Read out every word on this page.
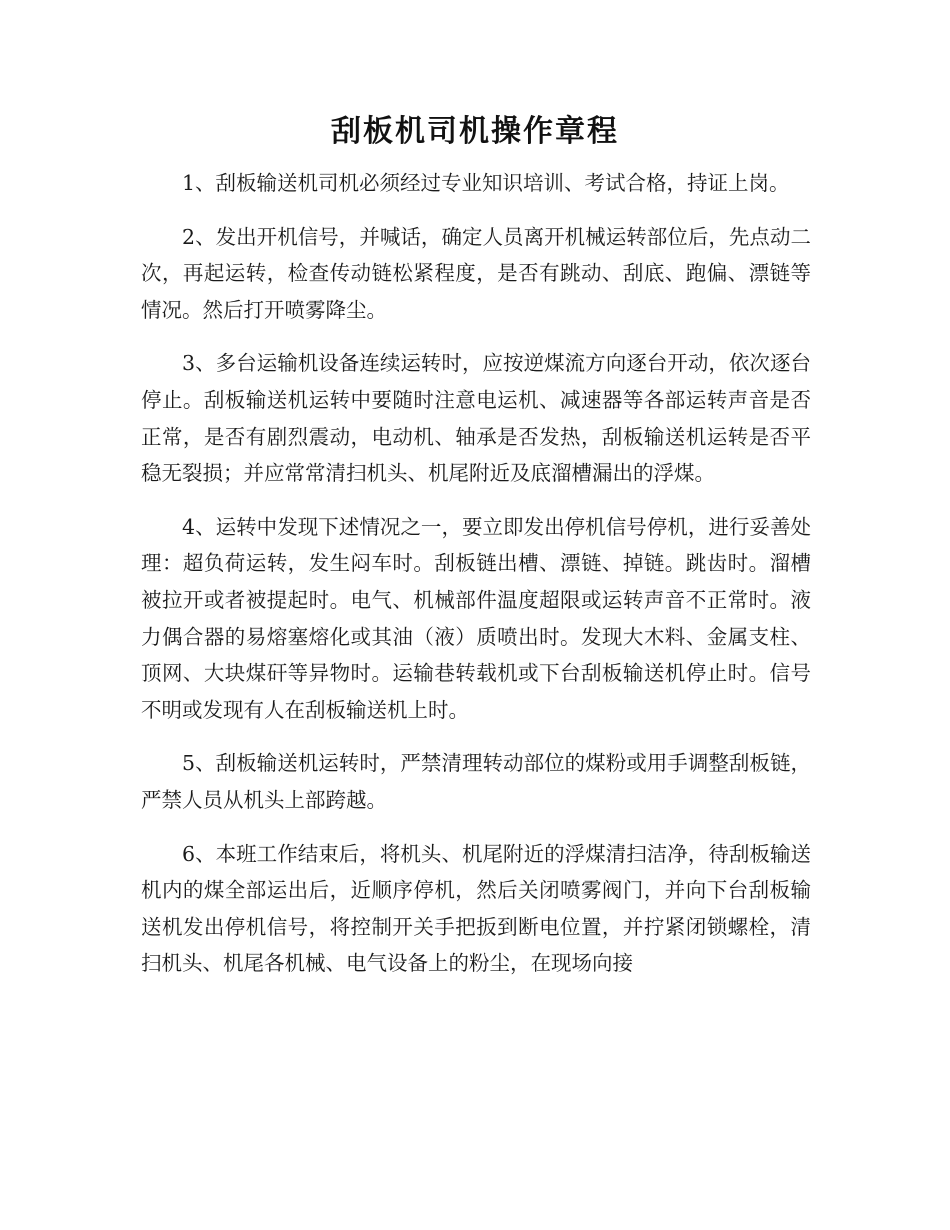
刮板机司机操作章程

1、刮板输送机司机必须经过专业知识培训、考试合格，持证上岗。

2、发出开机信号，并喊话，确定人员离开机械运转部位后，先点动二次，再起运转，检查传动链松紧程度，是否有跳动、刮底、跑偏、漂链等情况。然后打开喷雾降尘。

3、多台运输机设备连续运转时，应按逆煤流方向逐台开动，依次逐台停止。刮板输送机运转中要随时注意电运机、减速器等各部运转声音是否正常，是否有剧烈震动，电动机、轴承是否发热，刮板输送机运转是否平稳无裂损；并应常常清扫机头、机尾附近及底溜槽漏出的浮煤。

4、运转中发现下述情况之一，要立即发出停机信号停机，进行妥善处理：超负荷运转，发生闷车时。刮板链出槽、漂链、掉链。跳齿时。溜槽被拉开或者被提起时。电气、机械部件温度超限或运转声音不正常时。液力偶合器的易熔塞熔化或其油（液）质喷出时。发现大木料、金属支柱、顶网、大块煤矸等异物时。运输巷转载机或下台刮板输送机停止时。信号不明或发现有人在刮板输送机上时。

5、刮板输送机运转时，严禁清理转动部位的煤粉或用手调整刮板链，严禁人员从机头上部跨越。

6、本班工作结束后，将机头、机尾附近的浮煤清扫洁净，待刮板输送机内的煤全部运出后，近顺序停机，然后关闭喷雾阀门，并向下台刮板输送机发出停机信号，将控制开关手把扳到断电位置，并拧紧闭锁螺栓，清扫机头、机尾各机械、电气设备上的粉尘，在现场向接
